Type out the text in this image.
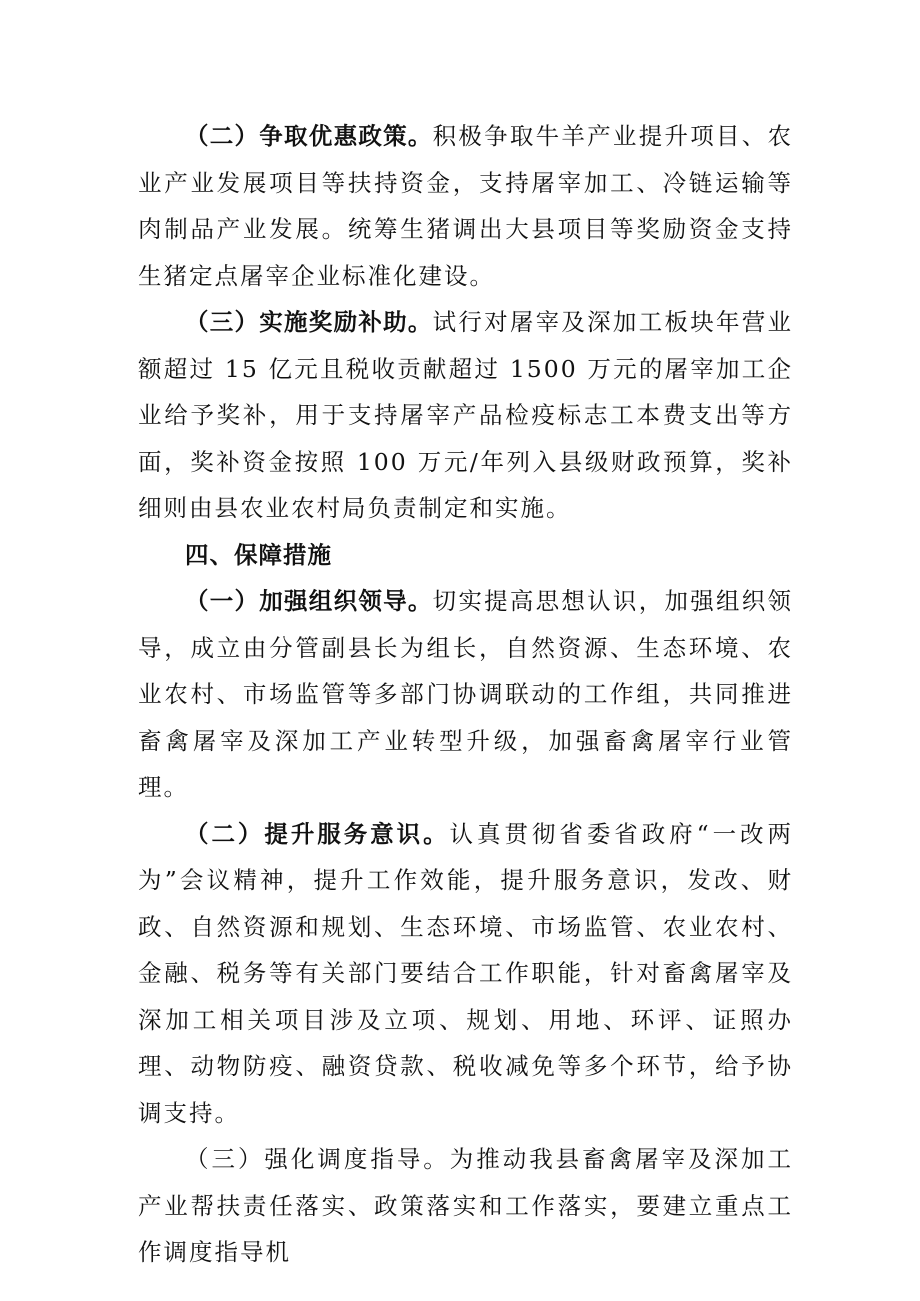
（二）争取优惠政策。积极争取牛羊产业提升项目、农业产业发展项目等扶持资金，支持屠宰加工、冷链运输等肉制品产业发展。统筹生猪调出大县项目等奖励资金支持生猪定点屠宰企业标准化建设。

（三）实施奖励补助。试行对屠宰及深加工板块年营业额超过 15 亿元且税收贡献超过 1500 万元的屠宰加工企业给予奖补，用于支持屠宰产品检疫标志工本费支出等方面，奖补资金按照 100 万元/年列入县级财政预算，奖补细则由县农业农村局负责制定和实施。

四、保障措施

（一）加强组织领导。切实提高思想认识，加强组织领导，成立由分管副县长为组长，自然资源、生态环境、农业农村、市场监管等多部门协调联动的工作组，共同推进畜禽屠宰及深加工产业转型升级，加强畜禽屠宰行业管理。

（二）提升服务意识。认真贯彻省委省政府“一改两为”会议精神，提升工作效能，提升服务意识，发改、财政、自然资源和规划、生态环境、市场监管、农业农村、金融、税务等有关部门要结合工作职能，针对畜禽屠宰及深加工相关项目涉及立项、规划、用地、环评、证照办理、动物防疫、融资贷款、税收减免等多个环节，给予协调支持。

（三）强化调度指导。为推动我县畜禽屠宰及深加工产业帮扶责任落实、政策落实和工作落实，要建立重点工作调度指导机
